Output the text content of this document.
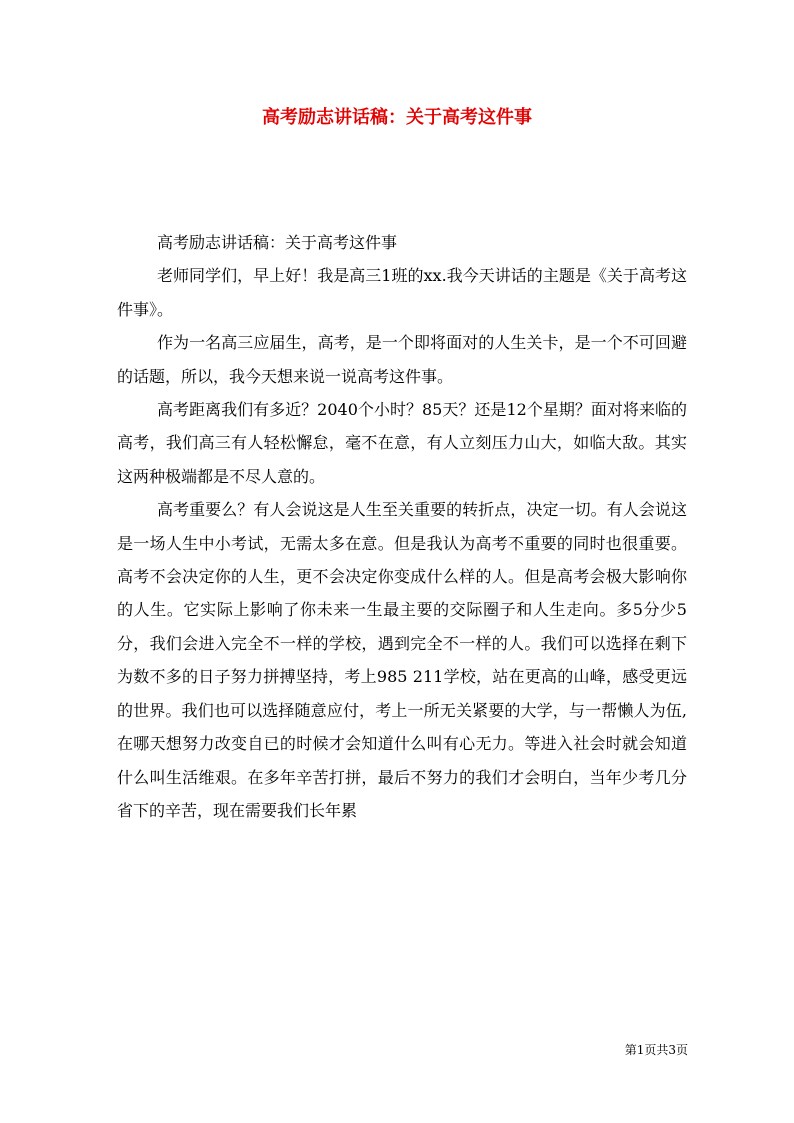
高考励志讲话稿：关于高考这件事

高考励志讲话稿：关于高考这件事

老师同学们，早上好！我是高三1班的xx.我今天讲话的主题是《关于高考这件事》。

作为一名高三应届生，高考，是一个即将面对的人生关卡，是一个不可回避的话题，所以，我今天想来说一说高考这件事。

高考距离我们有多近？2040个小时？85天？还是12个星期？面对将来临的高考，我们高三有人轻松懈怠，毫不在意，有人立刻压力山大，如临大敌。其实这两种极端都是不尽人意的。

高考重要么？有人会说这是人生至关重要的转折点，决定一切。有人会说这是一场人生中小考试，无需太多在意。但是我认为高考不重要的同时也很重要。高考不会决定你的人生，更不会决定你变成什么样的人。但是高考会极大影响你的人生。它实际上影响了你未来一生最主要的交际圈子和人生走向。多5分少5分，我们会进入完全不一样的学校，遇到完全不一样的人。我们可以选择在剩下为数不多的日子努力拼搏坚持，考上985 211学校，站在更高的山峰，感受更远的世界。我们也可以选择随意应付，考上一所无关紧要的大学，与一帮懒人为伍,在哪天想努力改变自已的时候才会知道什么叫有心无力。等进入社会时就会知道什么叫生活维艰。在多年辛苦打拼，最后不努力的我们才会明白，当年少考几分省下的辛苦，现在需要我们长年累

第1页共3页
